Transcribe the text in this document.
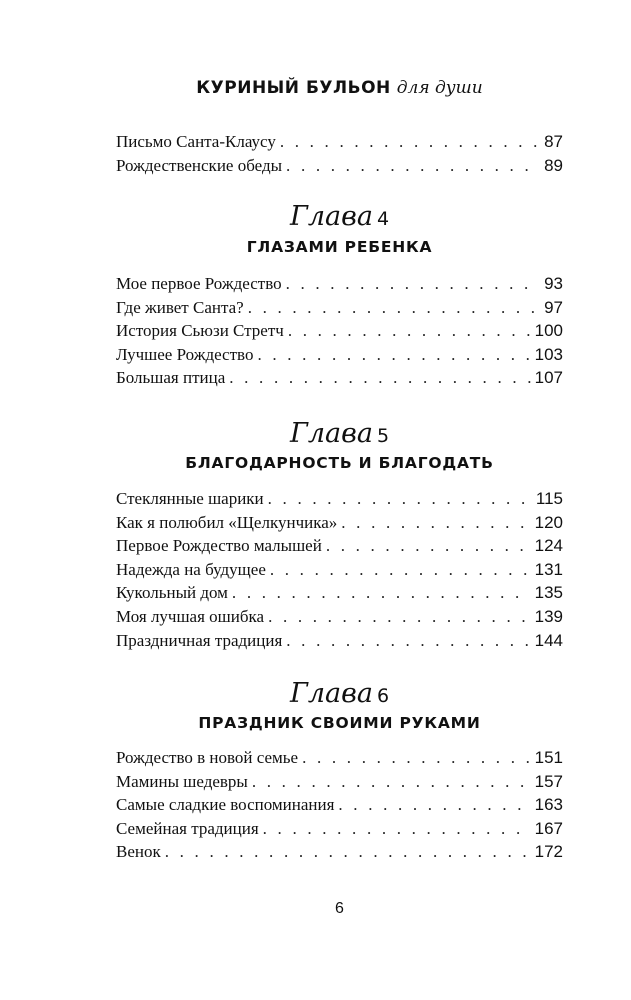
КУРИНЫЙ БУЛЬОН для души
Письмо Санта-Клаусу . . .	87
Рождественские обеды . . .	89
Глава 4
ГЛАЗАМИ РЕБЕНКА
Мое первое Рождество . . .	93
Где живет Санта? . . .	97
История Сьюзи Стретч . . .	100
Лучшее Рождество . . .	103
Большая птица . . .	107
Глава 5
БЛАГОДАРНОСТЬ И БЛАГОДАТЬ
Стеклянные шарики . . .	115
Как я полюбил «Щелкунчика» . . .	120
Первое Рождество малышей . . .	124
Надежда на будущее . . .	131
Кукольный дом . . .	135
Моя лучшая ошибка . . .	139
Праздничная традиция . . .	144
Глава 6
ПРАЗДНИК СВОИМИ РУКАМИ
Рождество в новой семье . . .	151
Мамины шедевры . . .	157
Самые сладкие воспоминания . . .	163
Семейная традиция . . .	167
Венок . . .	172
6
